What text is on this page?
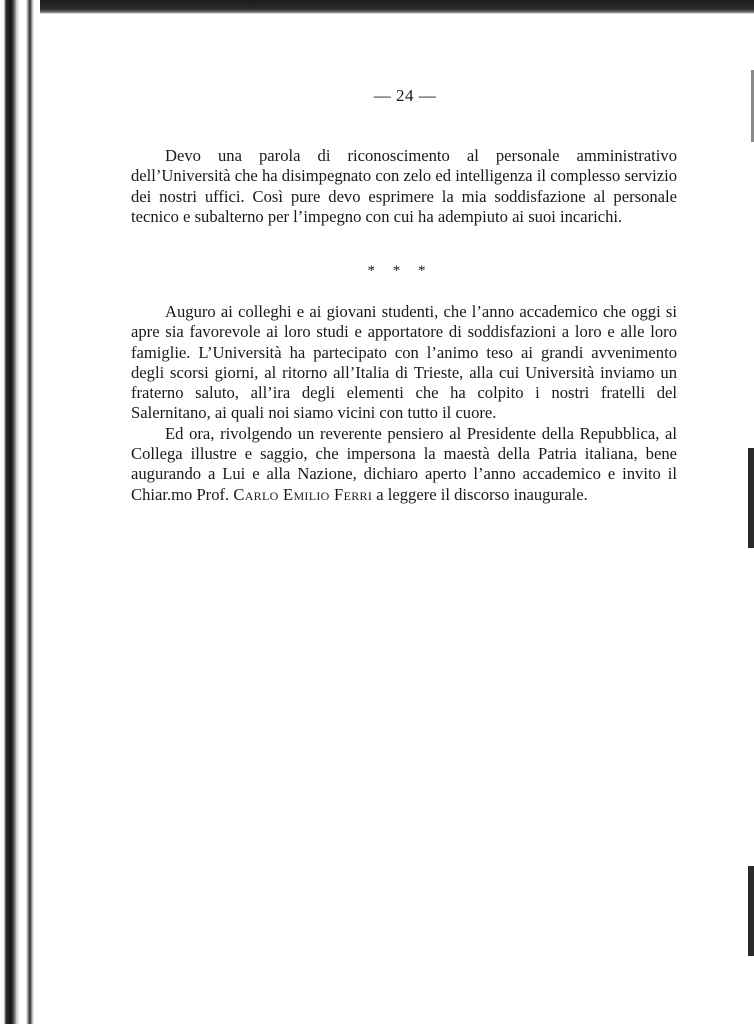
— 24 —

Devo una parola di riconoscimento al personale amministrativo dell’Università che ha disimpegnato con zelo ed intelligenza il complesso servizio dei nostri uffici. Così pure devo esprimere la mia soddisfazione al personale tecnico e subalterno per l’impegno con cui ha adempiuto ai suoi incarichi.

* * *

Auguro ai colleghi e ai giovani studenti, che l’anno accademico che oggi si apre sia favorevole ai loro studi e apportatore di soddisfazioni a loro e alle loro famiglie. L’Università ha partecipato con l’animo teso ai grandi avvenimento degli scorsi giorni, al ritorno all’Italia di Trieste, alla cui Università inviamo un fraterno saluto, all’ira degli elementi che ha colpito i nostri fratelli del Salernitano, ai quali noi siamo vicini con tutto il cuore.

Ed ora, rivolgendo un reverente pensiero al Presidente della Repubblica, al Collega illustre e saggio, che impersona la maestà della Patria italiana, bene augurando a Lui e alla Nazione, dichiaro aperto l’anno accademico e invito il Chiar.mo Prof. Carlo Emilio Ferri a leggere il discorso inaugurale.
